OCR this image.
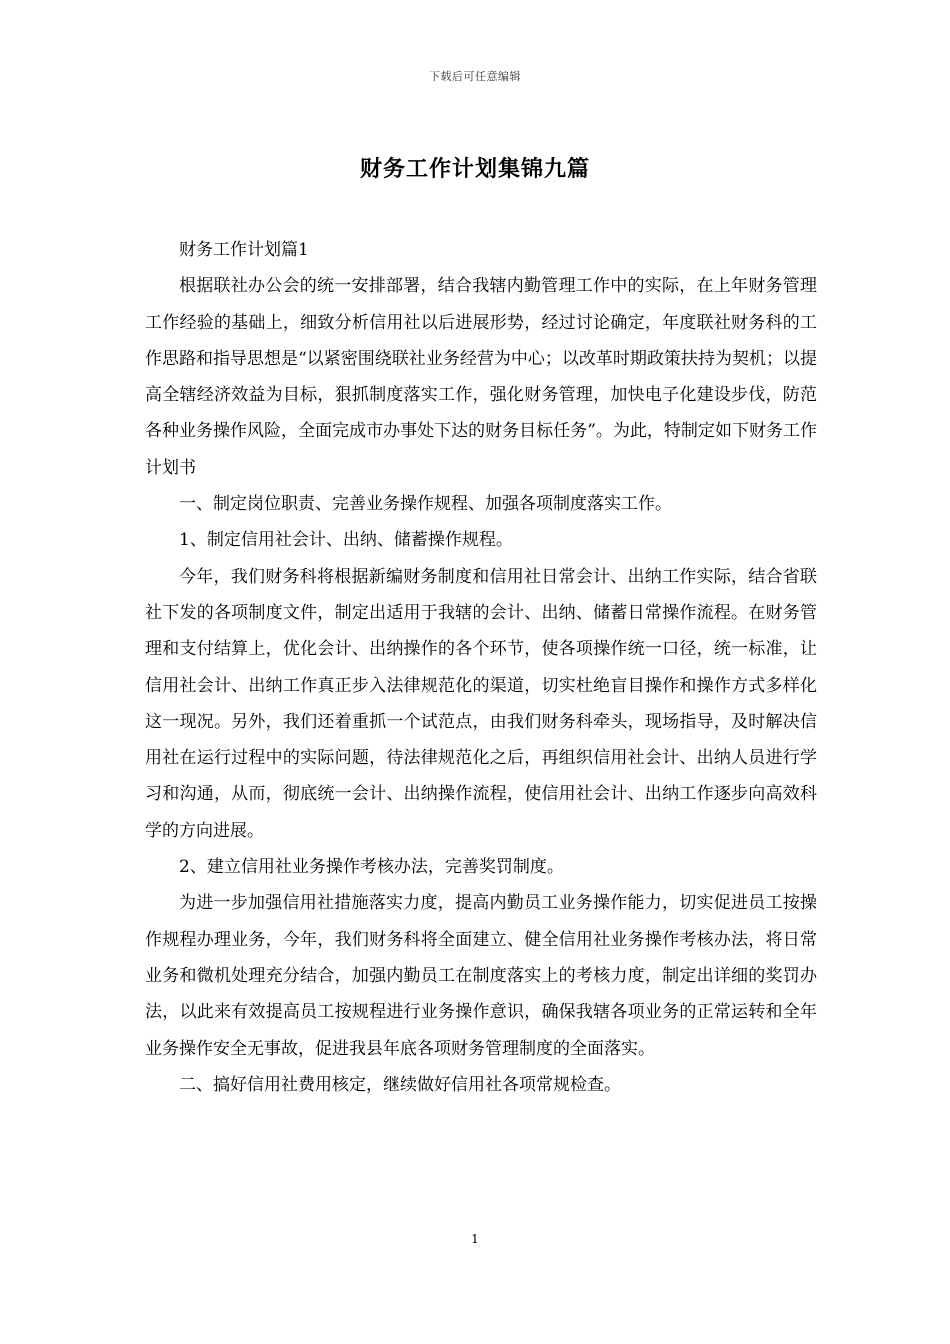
下载后可任意编辑
财务工作计划集锦九篇

财务工作计划篇1

根据联社办公会的统一安排部署，结合我辖内勤管理工作中的实际，在上年财务管理工作经验的基础上，细致分析信用社以后进展形势，经过讨论确定，年度联社财务科的工作思路和指导思想是“以紧密围绕联社业务经营为中心；以改革时期政策扶持为契机；以提高全辖经济效益为目标，狠抓制度落实工作，强化财务管理，加快电子化建设步伐，防范各种业务操作风险，全面完成市办事处下达的财务目标任务”。为此，特制定如下财务工作计划书

一、制定岗位职责、完善业务操作规程、加强各项制度落实工作。

1、制定信用社会计、出纳、储蓄操作规程。

今年，我们财务科将根据新编财务制度和信用社日常会计、出纳工作实际，结合省联社下发的各项制度文件，制定出适用于我辖的会计、出纳、储蓄日常操作流程。在财务管理和支付结算上，优化会计、出纳操作的各个环节，使各项操作统一口径，统一标准，让信用社会计、出纳工作真正步入法律规范化的渠道，切实杜绝盲目操作和操作方式多样化这一现况。另外，我们还着重抓一个试范点，由我们财务科牵头，现场指导，及时解决信用社在运行过程中的实际问题，待法律规范化之后，再组织信用社会计、出纳人员进行学习和沟通，从而，彻底统一会计、出纳操作流程，使信用社会计、出纳工作逐步向高效科学的方向进展。

2、建立信用社业务操作考核办法，完善奖罚制度。

为进一步加强信用社措施落实力度，提高内勤员工业务操作能力，切实促进员工按操作规程办理业务，今年，我们财务科将全面建立、健全信用社业务操作考核办法，将日常业务和微机处理充分结合，加强内勤员工在制度落实上的考核力度，制定出详细的奖罚办法，以此来有效提高员工按规程进行业务操作意识，确保我辖各项业务的正常运转和全年业务操作安全无事故，促进我县年底各项财务管理制度的全面落实。

二、搞好信用社费用核定，继续做好信用社各项常规检查。

1
